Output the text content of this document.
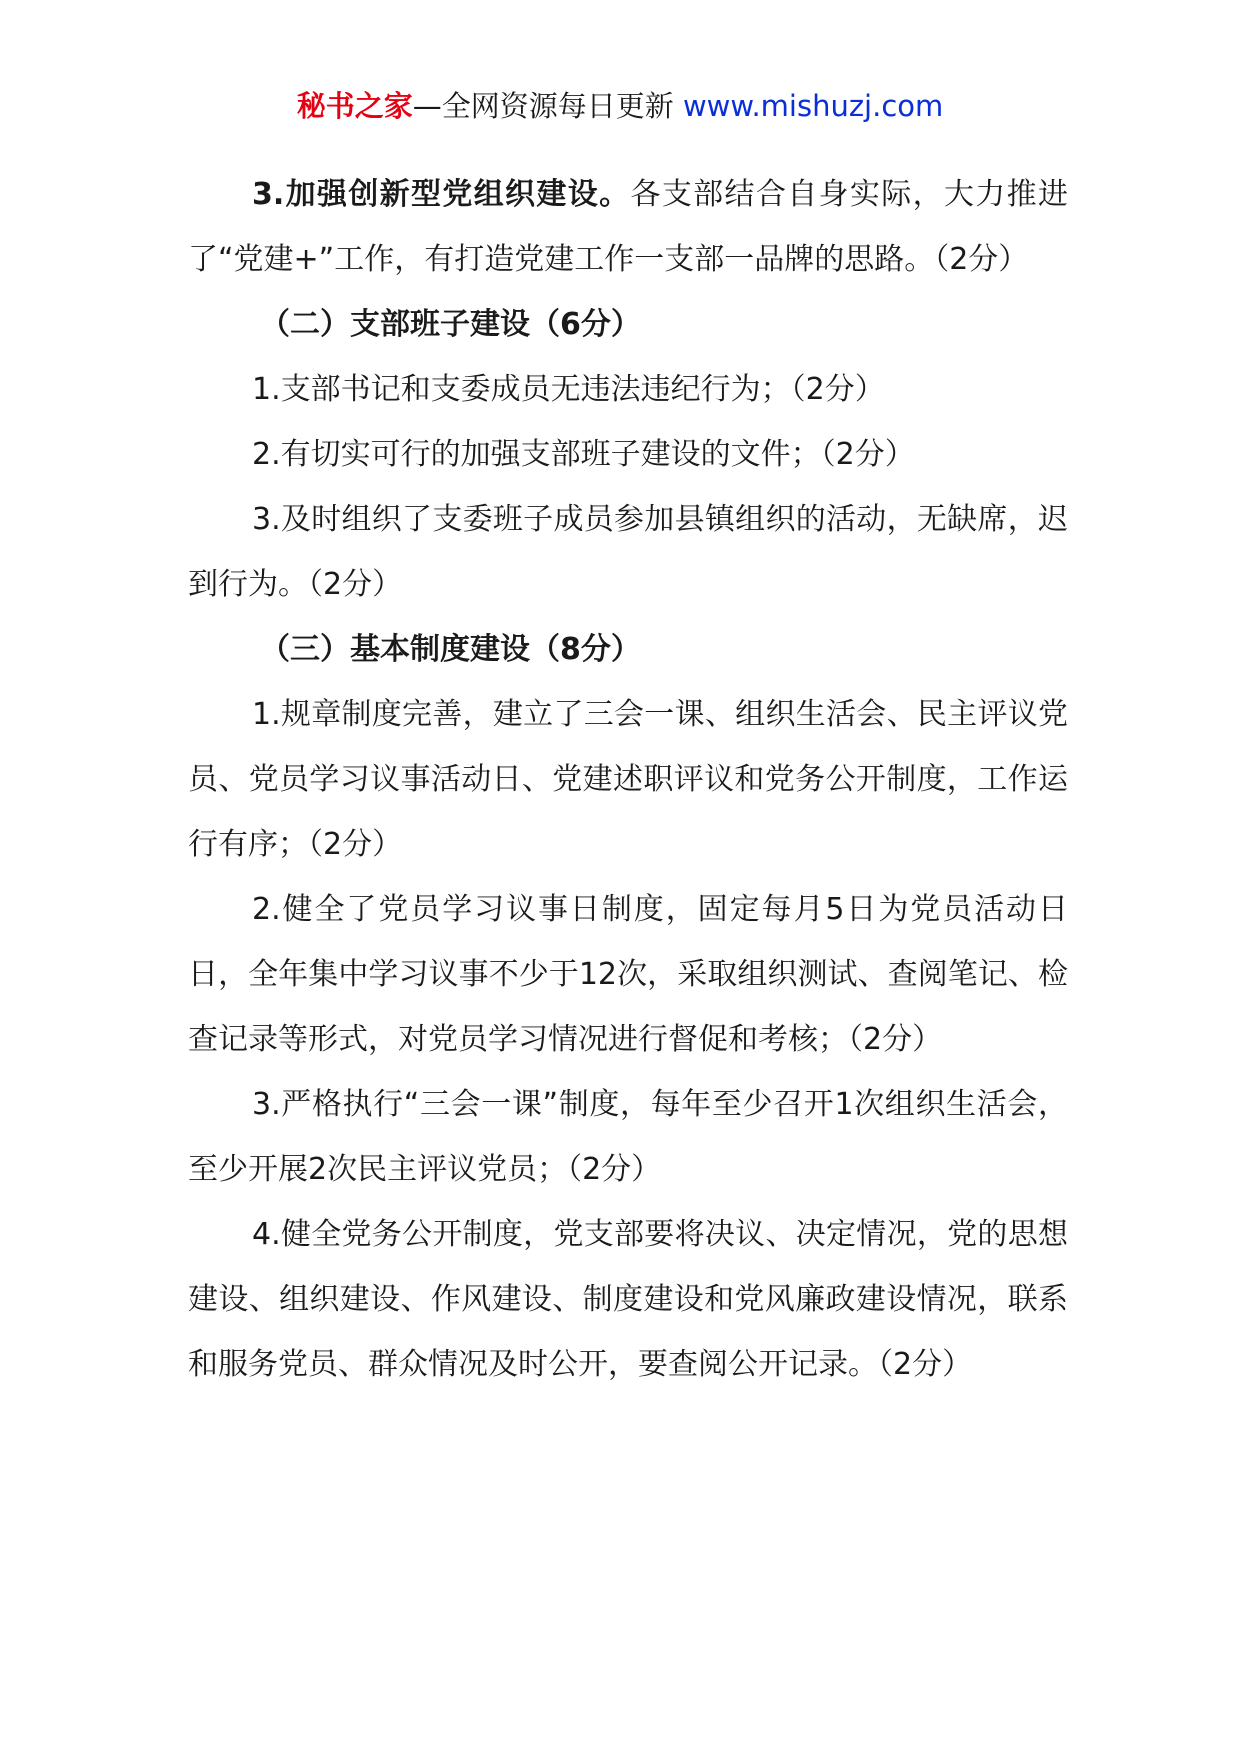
秘书之家—全网资源每日更新 www.mishuzj.com

3.加强创新型党组织建设。各支部结合自身实际，大力推进了“党建+”工作，有打造党建工作一支部一品牌的思路。（2分）

（二）支部班子建设（6分）

1.支部书记和支委成员无违法违纪行为；（2分）

2.有切实可行的加强支部班子建设的文件；（2分）

3.及时组织了支委班子成员参加县镇组织的活动，无缺席，迟到行为。（2分）

（三）基本制度建设（8分）

1.规章制度完善，建立了三会一课、组织生活会、民主评议党员、党员学习议事活动日、党建述职评议和党务公开制度，工作运行有序；（2分）

2.健全了党员学习议事日制度，固定每月5日为党员活动日日，全年集中学习议事不少于12次，采取组织测试、查阅笔记、检查记录等形式，对党员学习情况进行督促和考核；（2分）

3.严格执行“三会一课”制度，每年至少召开1次组织生活会，至少开展2次民主评议党员；（2分）

4.健全党务公开制度，党支部要将决议、决定情况，党的思想建设、组织建设、作风建设、制度建设和党风廉政建设情况，联系和服务党员、群众情况及时公开，要查阅公开记录。（2分）
